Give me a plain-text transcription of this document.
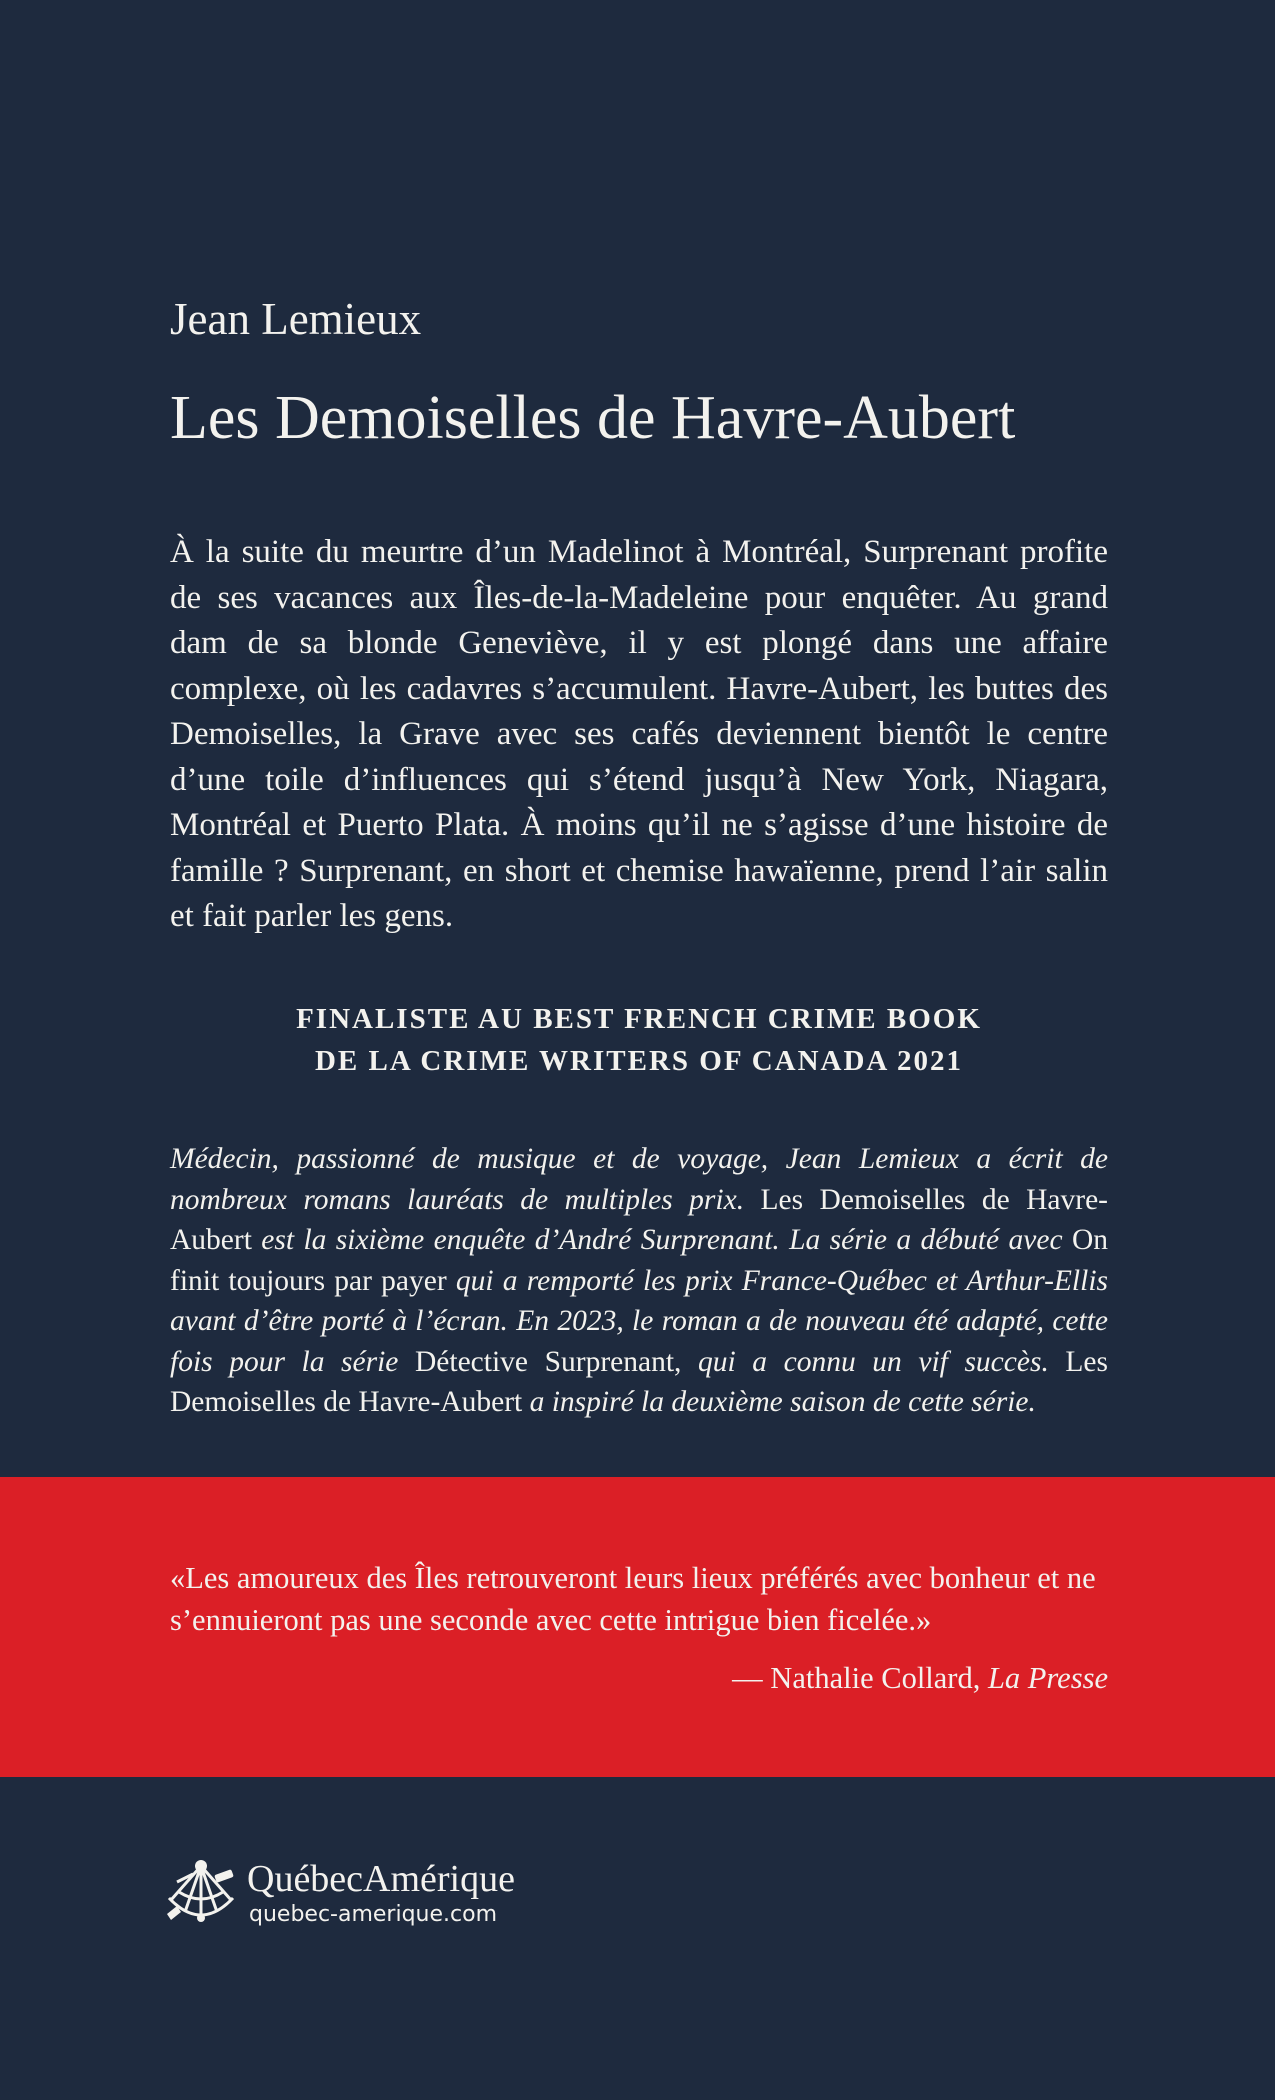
Jean Lemieux
Les Demoiselles de Havre-Aubert
À la suite du meurtre d’un Madelinot à Montréal, Surprenant profite de ses vacances aux Îles-de-la-Madeleine pour enquêter. Au grand dam de sa blonde Geneviève, il y est plongé dans une affaire complexe, où les cadavres s’accumulent. Havre-Aubert, les buttes des Demoiselles, la Grave avec ses cafés deviennent bientôt le centre d’une toile d’influences qui s’étend jusqu’à New York, Niagara, Montréal et Puerto Plata. À moins qu’il ne s’agisse d’une histoire de famille ? Surprenant, en short et chemise hawaïenne, prend l’air salin et fait parler les gens.
FINALISTE AU BEST FRENCH CRIME BOOK
DE LA CRIME WRITERS OF CANADA 2021
Médecin, passionné de musique et de voyage, Jean Lemieux a écrit de nombreux romans lauréats de multiples prix. Les Demoiselles de Havre-Aubert est la sixième enquête d’André Surprenant. La série a débuté avec On finit toujours par payer qui a remporté les prix France-Québec et Arthur-Ellis avant d’être porté à l’écran. En 2023, le roman a de nouveau été adapté, cette fois pour la série Détective Surprenant, qui a connu un vif succès. Les Demoiselles de Havre-Aubert a inspiré la deuxième saison de cette série.
«Les amoureux des Îles retrouveront leurs lieux préférés avec bonheur et ne s’ennuieront pas une seconde avec cette intrigue bien ficelée.»
— Nathalie Collard, La Presse
QuébecAmérique
quebec-amerique.com
